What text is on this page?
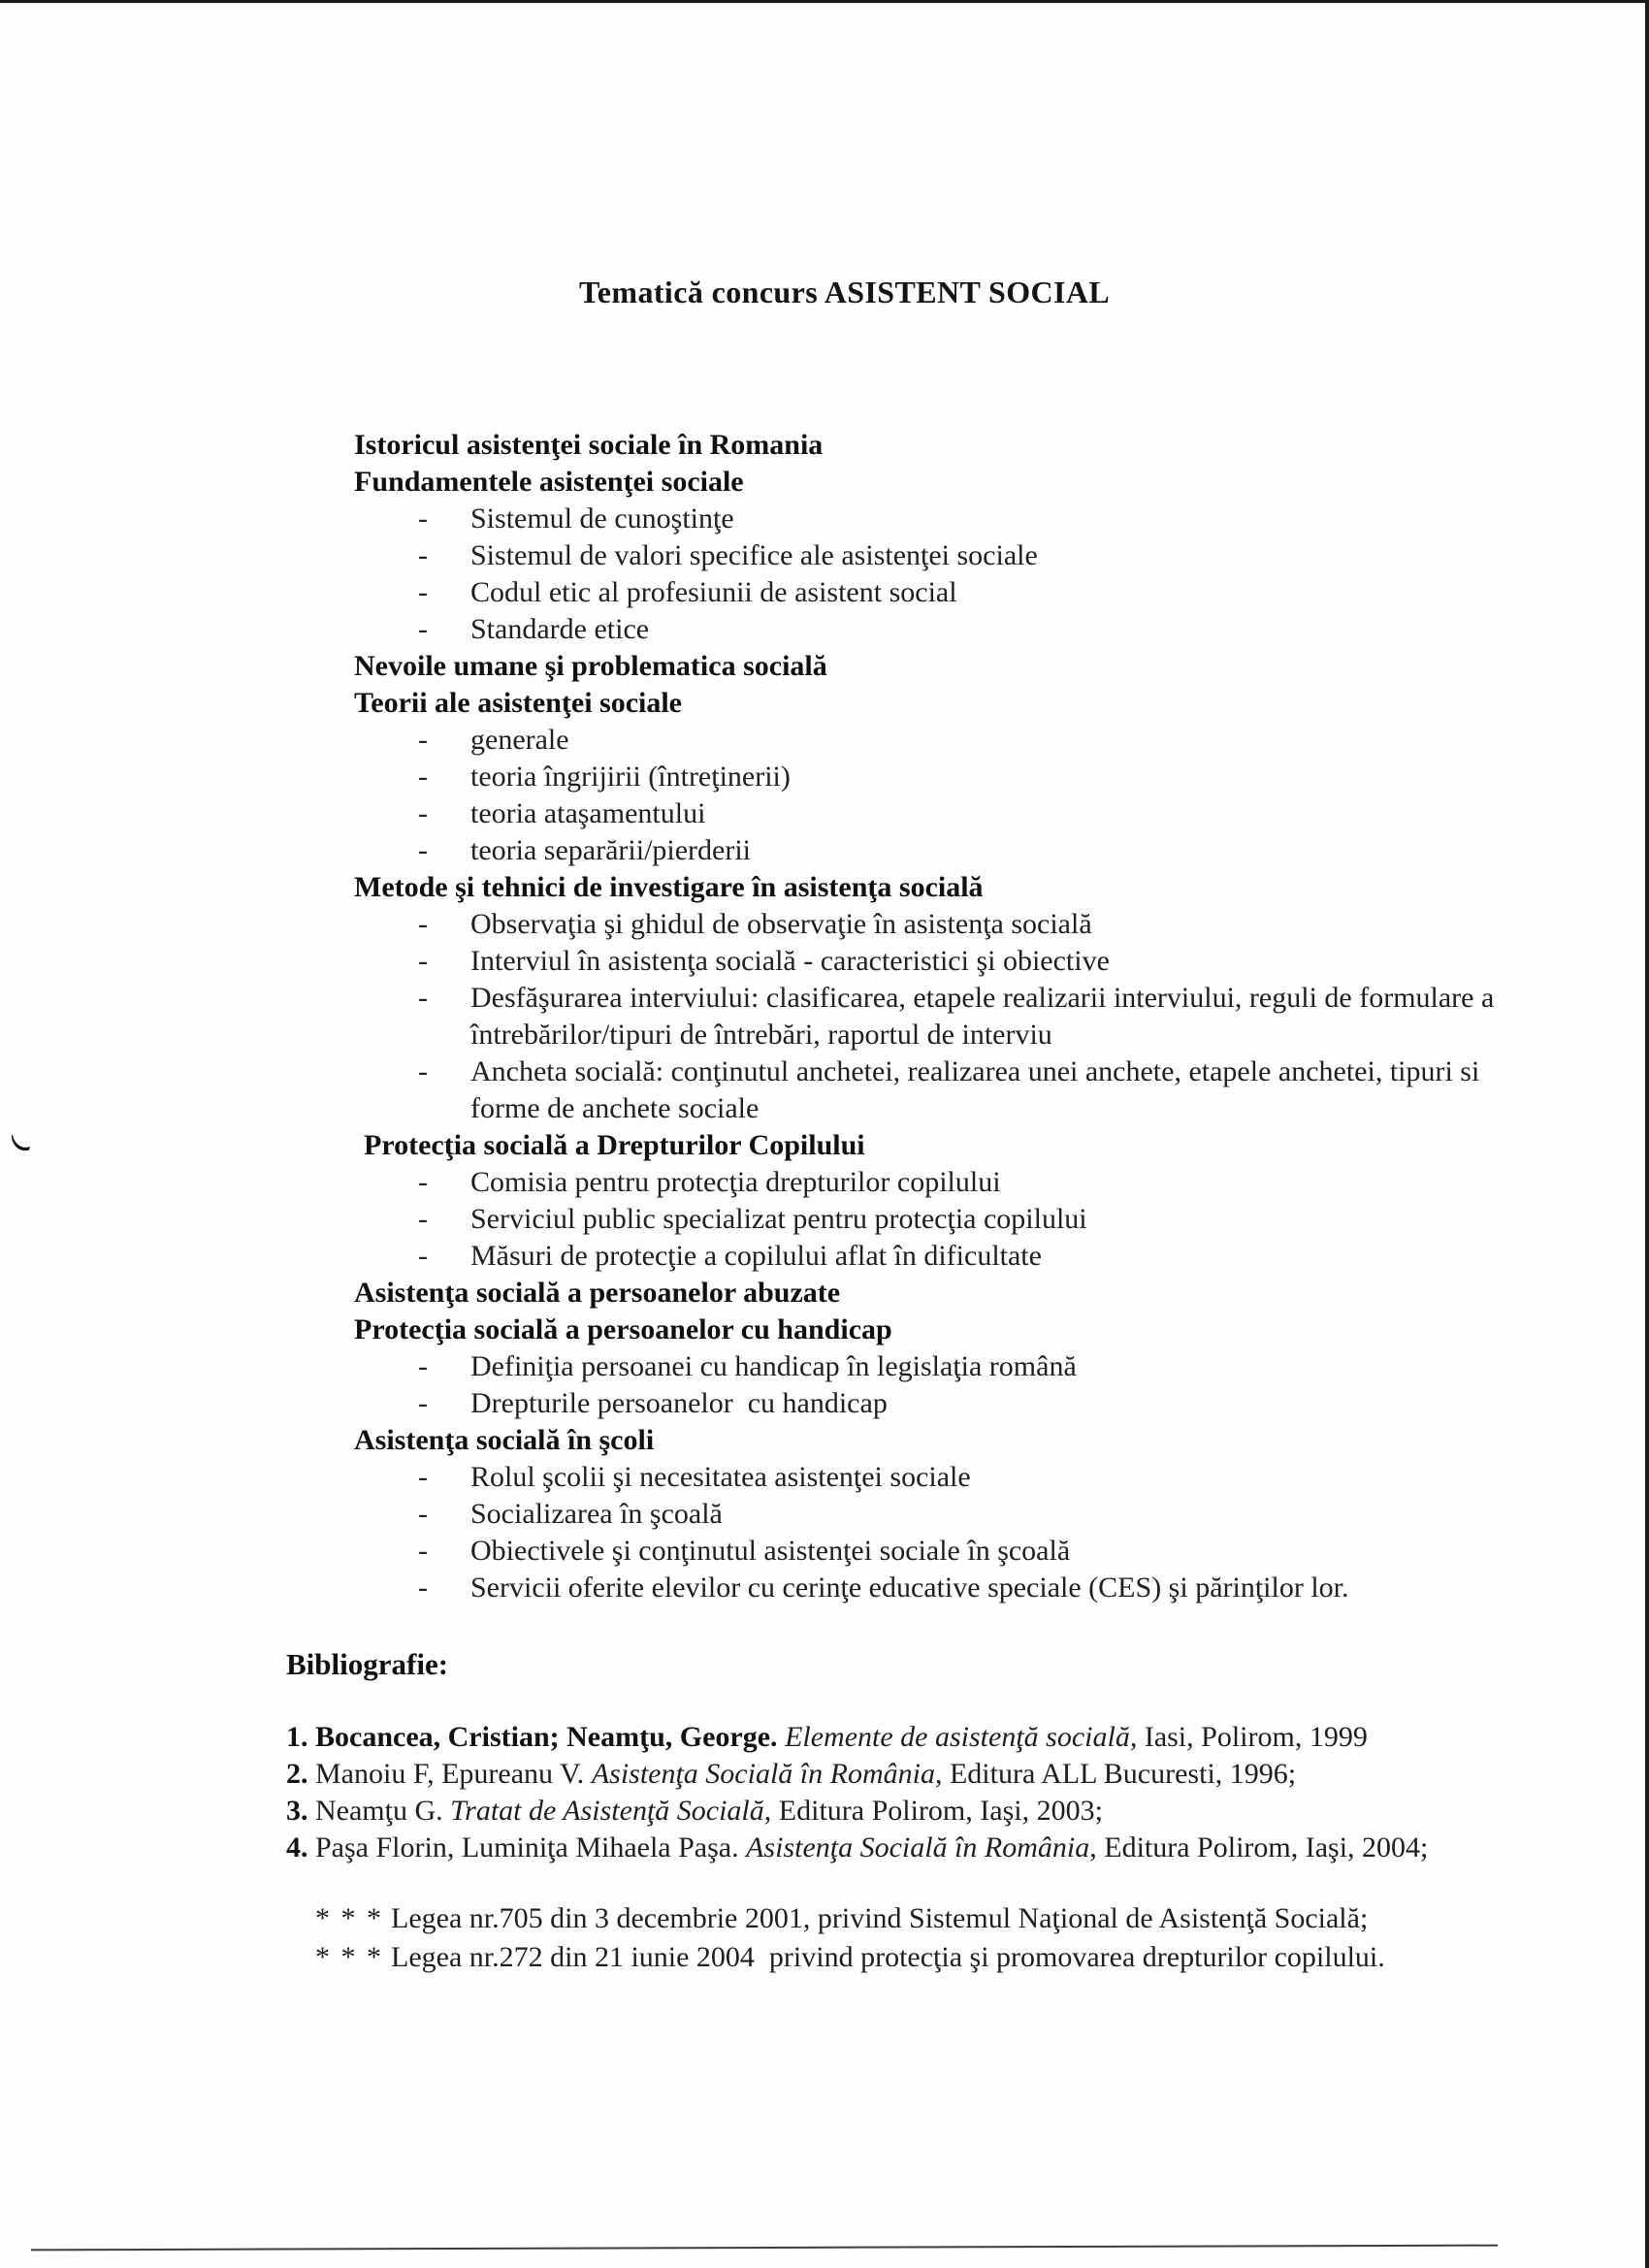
Tematică concurs ASISTENT SOCIAL
Istoricul asistenţei sociale în Romania
Fundamentele asistenţei sociale
-	Sistemul de cunoştinţe
-	Sistemul de valori specifice ale asistenţei sociale
-	Codul etic al profesiunii de asistent social
-	Standarde etice
Nevoile umane şi problematica socială
Teorii ale asistenţei sociale
-	generale
-	teoria îngrijirii (întreţinerii)
-	teoria ataşamentului
-	teoria separării/pierderii
Metode şi tehnici de investigare în asistenţa socială
-	Observaţia şi ghidul de observaţie în asistenţa socială
-	Interviul în asistenţa socială - caracteristici şi obiective
-	Desfăşurarea interviului: clasificarea, etapele realizarii interviului, reguli de formulare a întrebărilor/tipuri de întrebări, raportul de interviu
-	Ancheta socială: conţinutul anchetei, realizarea unei anchete, etapele anchetei, tipuri si forme de anchete sociale
Protecţia socială a Drepturilor Copilului
-	Comisia pentru protecţia drepturilor copilului
-	Serviciul public specializat pentru protecţia copilului
-	Măsuri de protecţie a copilului aflat în dificultate
Asistenţa socială a persoanelor abuzate
Protecţia socială a persoanelor cu handicap
-	Definiţia persoanei cu handicap în legislaţia română
-	Drepturile persoanelor  cu handicap
Asistenţa socială în şcoli
-	Rolul şcolii şi necesitatea asistenţei sociale
-	Socializarea în şcoală
-	Obiectivele şi conţinutul asistenţei sociale în şcoală
-	Servicii oferite elevilor cu cerinţe educative speciale (CES) şi părinţilor lor.
Bibliografie:
1. Bocancea, Cristian; Neamţu, George. Elemente de asistenţă socială, Iasi, Polirom, 1999
2. Manoiu F, Epureanu V. Asistenţa Socială în România, Editura ALL Bucuresti, 1996;
3. Neamţu G. Tratat de Asistenţă Socială, Editura Polirom, Iaşi, 2003;
4. Paşa Florin, Luminiţa Mihaela Paşa. Asistenţa Socială în România, Editura Polirom, Iaşi, 2004;
* * * Legea nr.705 din 3 decembrie 2001, privind Sistemul Naţional de Asistenţă Socială;
* * * Legea nr.272 din 21 iunie 2004  privind protecţia şi promovarea drepturilor copilului.
